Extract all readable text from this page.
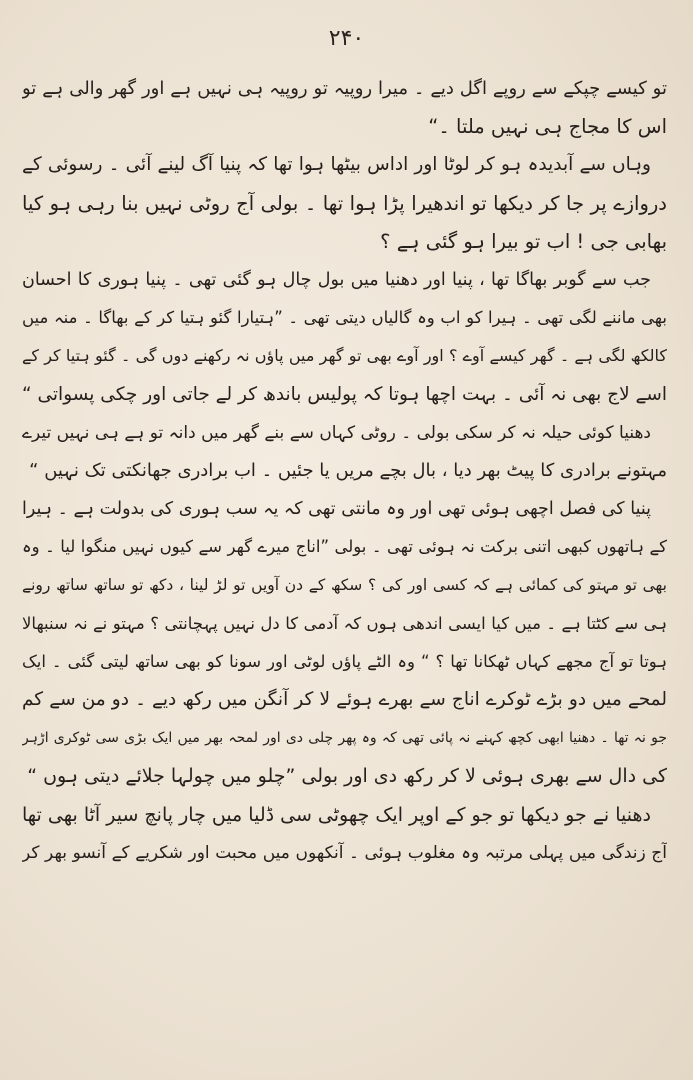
۲۴۰
تو کیسے چپکے سے روپے اگل دیے ۔ میرا روپیہ تو روپیہ ہی نہیں ہے اور گھر والی ہے تو
اس کا مجاج ہی نہیں ملتا ۔“
وہاں سے آبدیدہ ہو کر لوٹا اور اداس بیٹھا ہوا تھا کہ پنیا آگ لینے آئی ۔ رسوئی کے
دروازے پر جا کر دیکھا تو اندھیرا پڑا ہوا تھا ۔ بولی آج روٹی نہیں بنا رہی ہو کیا
بھابی جی ! اب تو بیرا ہو گئی ہے ؟
جب سے گوبر بھاگا تھا ، پنیا اور دھنیا میں بول چال ہو گئی تھی ۔ پنیا ہوری کا احسان
بھی ماننے لگی تھی ۔ ہیرا کو اب وہ گالیاں دیتی تھی ۔ ”ہتیارا گئو ہتیا کر کے بھاگا ۔ منہ میں
کالکھ لگی ہے ۔ گھر کیسے آوے ؟ اور آوے بھی تو گھر میں پاؤں نہ رکھنے دوں گی ۔ گئو ہتیا کر کے
اسے لاج بھی نہ آئی ۔ بہت اچھا ہوتا کہ پولیس باندھ کر لے جاتی اور چکی پسواتی “
دھنیا کوئی حیلہ نہ کر سکی بولی ۔ روٹی کہاں سے بنے گھر میں دانہ تو ہے ہی نہیں تیرے
مہتونے برادری کا پیٹ بھر دیا ، بال بچے مریں یا جئیں ۔ اب برادری جھانکتی تک نہیں “
پنیا کی فصل اچھی ہوئی تھی اور وہ مانتی تھی کہ یہ سب ہوری کی بدولت ہے ۔ ہیرا
کے ہاتھوں کبھی اتنی برکت نہ ہوئی تھی ۔ بولی ”اناج میرے گھر سے کیوں نہیں منگوا لیا ۔ وہ
بھی تو مہتو کی کمائی ہے کہ کسی اور کی ؟ سکھ کے دن آویں تو لڑ لینا ، دکھ تو ساتھ ساتھ رونے
ہی سے کٹتا ہے ۔ میں کیا ایسی اندھی ہوں کہ آدمی کا دل نہیں پہچانتی ؟ مہتو نے نہ سنبھالا
ہوتا تو آج مجھے کہاں ٹھکانا تھا ؟ “ وہ الٹے پاؤں لوٹی اور سونا کو بھی ساتھ لیتی گئی ۔ ایک
لمحے میں دو بڑے ٹوکرے اناج سے بھرے ہوئے لا کر آنگن میں رکھ دیے ۔ دو من سے کم
جو نہ تھا ۔ دھنیا ابھی کچھ کہنے نہ پائی تھی کہ وہ پھر چلی دی اور لمحہ بھر میں ایک بڑی سی ٹوکری اڑہر
کی دال سے بھری ہوئی لا کر رکھ دی اور بولی ”چلو میں چولہا جلائے دیتی ہوں “
دھنیا نے جو دیکھا تو جو کے اوپر ایک چھوٹی سی ڈلیا میں چار پانچ سیر آٹا بھی تھا
آج زندگی میں پہلی مرتبہ وہ مغلوب ہوئی ۔ آنکھوں میں محبت اور شکریے کے آنسو بھر کر
